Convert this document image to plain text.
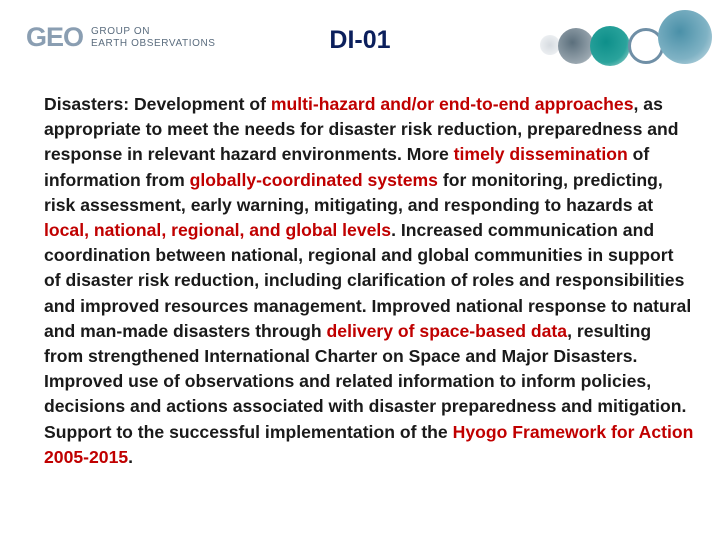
GEO GROUP ON
EARTH OBSERVATIONS	DI-01

Disasters: Development of multi-hazard and/or end-to-end approaches, as appropriate to meet the needs for disaster risk reduction, preparedness and response in relevant hazard environments. More timely dissemination of information from globally-coordinated systems for monitoring, predicting, risk assessment, early warning, mitigating, and responding to hazards at local, national, regional, and global levels. Increased communication and coordination between national, regional and global communities in support of disaster risk reduction, including clarification of roles and responsibilities and improved resources management. Improved national response to natural and man-made disasters through delivery of space-based data, resulting from strengthened International Charter on Space and Major Disasters. Improved use of observations and related information to inform policies, decisions and actions associated with disaster preparedness and mitigation. Support to the successful implementation of the Hyogo Framework for Action 2005-2015.
